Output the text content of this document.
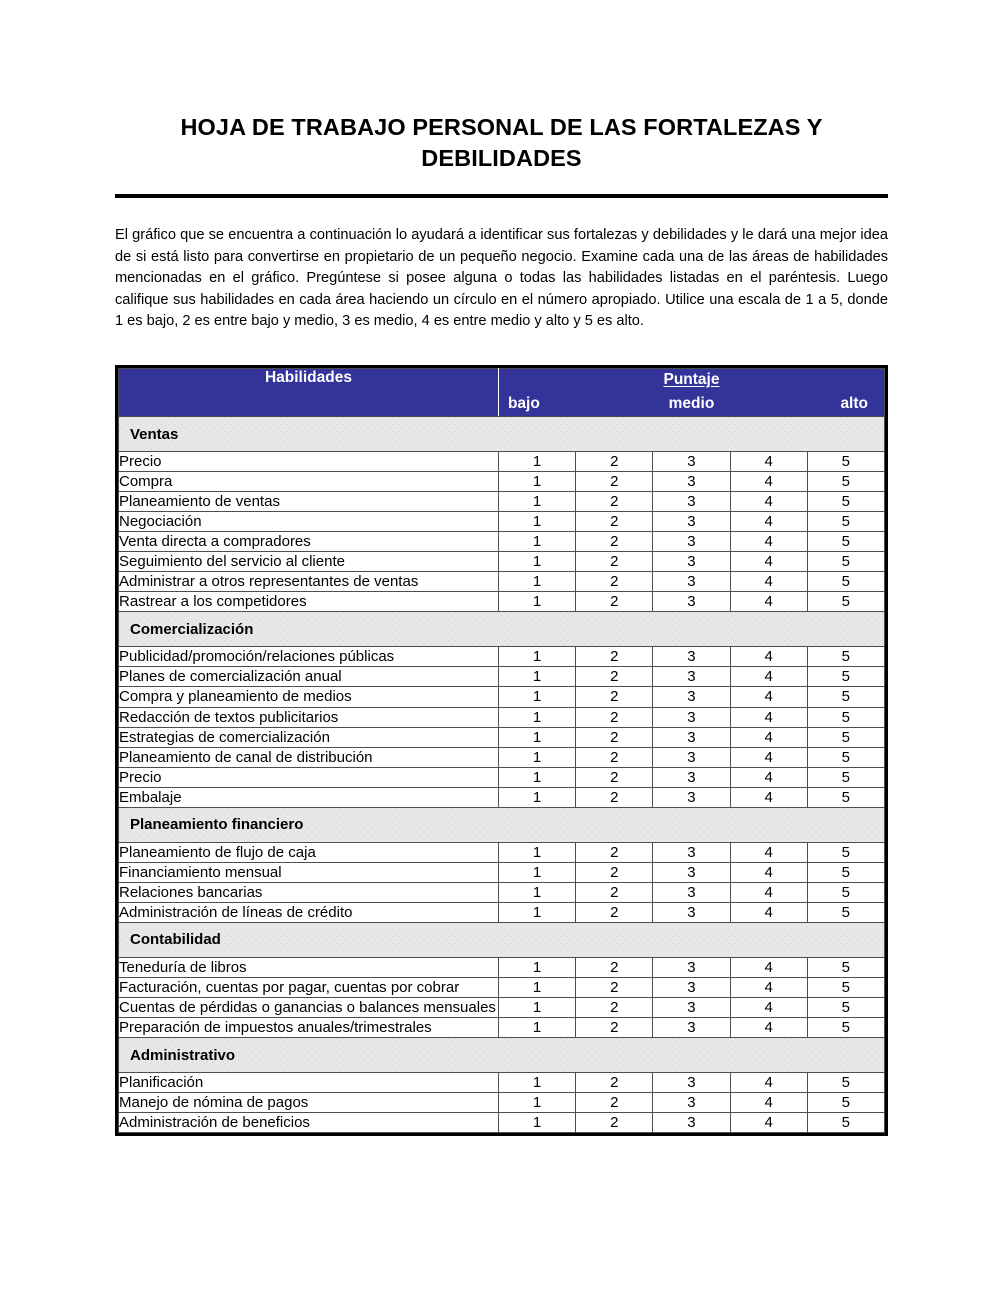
HOJA DE TRABAJO PERSONAL DE LAS FORTALEZAS Y DEBILIDADES

El gráfico que se encuentra a continuación lo ayudará a identificar sus fortalezas y debilidades y le dará una mejor idea de si está listo para convertirse en propietario de un pequeño negocio. Examine cada una de las áreas de habilidades mencionadas en el gráfico. Pregúntese si posee alguna o todas las habilidades listadas en el paréntesis. Luego califique sus habilidades en cada área haciendo un círculo en el número apropiado. Utilice una escala de 1 a 5, donde 1 es bajo, 2 es entre bajo y medio, 3 es medio, 4 es entre medio y alto y 5 es alto.

Habilidades	Puntaje
bajo medio alto				

Ventas					
Precio	1	2	3	4	5
Compra	1	2	3	4	5
Planeamiento de ventas	1	2	3	4	5
Negociación	1	2	3	4	5
Venta directa a compradores	1	2	3	4	5
Seguimiento del servicio al cliente	1	2	3	4	5
Administrar a otros representantes de ventas	1	2	3	4	5
Rastrear a los competidores	1	2	3	4	5
Comercialización					
Publicidad/promoción/relaciones públicas	1	2	3	4	5
Planes de comercialización anual	1	2	3	4	5
Compra y planeamiento de medios	1	2	3	4	5
Redacción de textos publicitarios	1	2	3	4	5
Estrategias de comercialización	1	2	3	4	5
Planeamiento de canal de distribución	1	2	3	4	5
Precio	1	2	3	4	5
Embalaje	1	2	3	4	5
Planeamiento financiero					
Planeamiento de flujo de caja	1	2	3	4	5
Financiamiento mensual	1	2	3	4	5
Relaciones bancarias	1	2	3	4	5
Administración de líneas de crédito	1	2	3	4	5
Contabilidad					
Teneduría de libros	1	2	3	4	5
Facturación, cuentas por pagar, cuentas por cobrar	1	2	3	4	5
Cuentas de pérdidas o ganancias o balances mensuales	1	2	3	4	5
Preparación de impuestos anuales/trimestrales	1	2	3	4	5
Administrativo					
Planificación	1	2	3	4	5
Manejo de nómina de pagos	1	2	3	4	5
Administración de beneficios	1	2	3	4	5
